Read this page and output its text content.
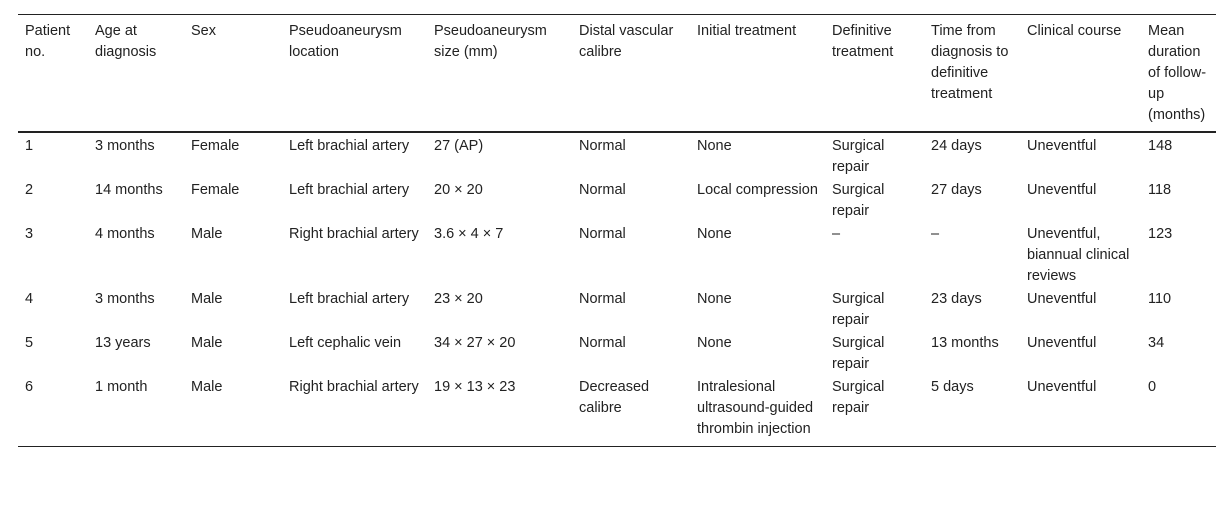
Patient no.	Age at diagnosis	Sex	Pseudoaneurysm location	Pseudoaneurysm size (mm)	Distal vascular calibre	Initial treatment	Definitive treatment	Time from diagnosis to definitive treatment	Clinical course	Mean duration of follow-up (months)
1	3 months	Female	Left brachial artery	27 (AP)	Normal	None	Surgical repair	24 days	Uneventful	148
2	14 months	Female	Left brachial artery	20 × 20	Normal	Local compression	Surgical repair	27 days	Uneventful	118
3	4 months	Male	Right brachial artery	3.6 × 4 × 7	Normal	None	–	–	Uneventful, biannual clinical reviews	123
4	3 months	Male	Left brachial artery	23 × 20	Normal	None	Surgical repair	23 days	Uneventful	110
5	13 years	Male	Left cephalic vein	34 × 27 × 20	Normal	None	Surgical repair	13 months	Uneventful	34
6	1 month	Male	Right brachial artery	19 × 13 × 23	Decreased calibre	Intralesional ultrasound-guided thrombin injection	Surgical repair	5 days	Uneventful	0
